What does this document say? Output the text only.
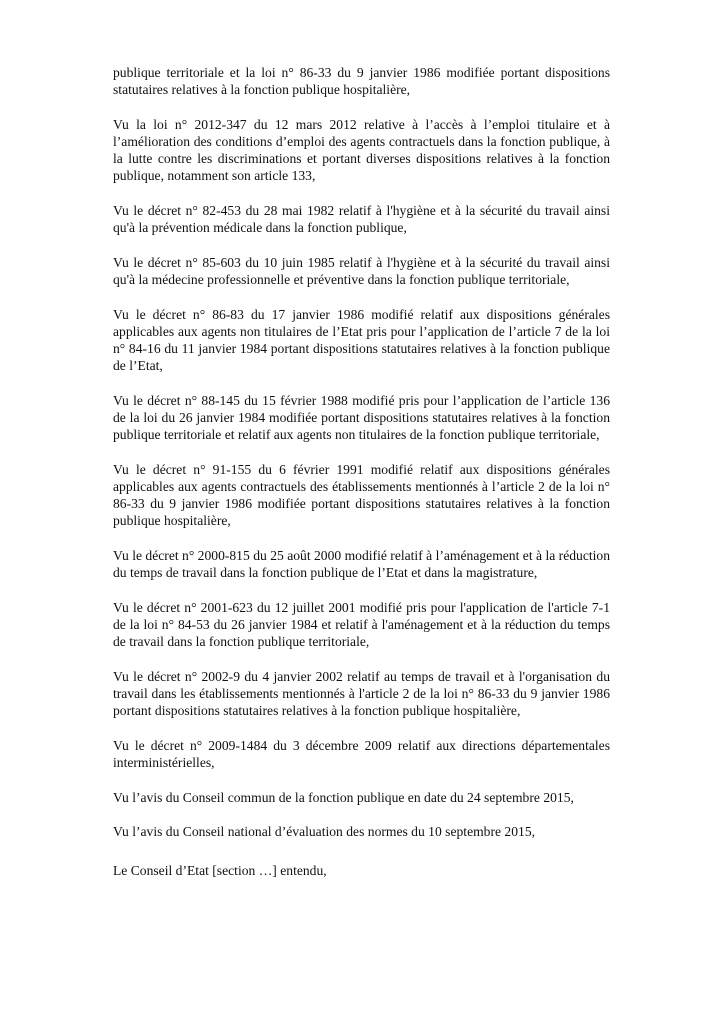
publique territoriale et la loi n° 86-33 du 9 janvier 1986 modifiée portant dispositions statutaires relatives à la fonction publique hospitalière,

Vu la loi n° 2012-347 du 12 mars 2012 relative à l’accès à l’emploi titulaire et à l’amélioration des conditions d’emploi des agents contractuels dans la fonction publique, à la lutte contre les discriminations et portant diverses dispositions relatives à la fonction publique, notamment son article 133,

Vu le décret n° 82-453 du 28 mai 1982 relatif à l'hygiène et à la sécurité du travail ainsi qu'à la prévention médicale dans la fonction publique,

Vu le décret n° 85-603 du 10 juin 1985 relatif à l'hygiène et à la sécurité du travail ainsi qu'à la médecine professionnelle et préventive dans la fonction publique territoriale,

Vu le décret n° 86-83 du 17 janvier 1986 modifié relatif aux dispositions générales applicables aux agents non titulaires de l’Etat pris pour l’application de l’article 7 de la loi n° 84-16 du 11 janvier 1984 portant dispositions statutaires relatives à la fonction publique de l’Etat,

Vu le décret n° 88-145 du 15 février 1988 modifié pris pour l’application de l’article 136 de la loi du 26 janvier 1984 modifiée portant dispositions statutaires relatives à la fonction publique territoriale et relatif aux agents non titulaires de la fonction publique territoriale,

Vu le décret n° 91-155 du 6 février 1991 modifié relatif aux dispositions générales applicables aux agents contractuels des établissements mentionnés à l’article 2 de la loi n° 86-33 du 9 janvier 1986 modifiée portant dispositions statutaires relatives à la fonction publique hospitalière,

Vu le décret n° 2000-815 du 25 août 2000 modifié relatif à l’aménagement et à la réduction du temps de travail dans la fonction publique de l’Etat et dans la magistrature,

Vu le décret n° 2001-623 du 12 juillet 2001 modifié pris pour l'application de l'article 7-1 de la loi n° 84-53 du 26 janvier 1984 et relatif à l'aménagement et à la réduction du temps de travail dans la fonction publique territoriale,

Vu le décret n° 2002-9 du 4 janvier 2002 relatif au temps de travail et à l'organisation du travail dans les établissements mentionnés à l'article 2 de la loi n° 86-33 du 9 janvier 1986 portant dispositions statutaires relatives à la fonction publique hospitalière,

Vu le décret n° 2009-1484 du 3 décembre 2009 relatif aux directions départementales interministérielles,

Vu l’avis du Conseil commun de la fonction publique en date du 24 septembre 2015,

Vu l’avis du Conseil national d’évaluation des normes du 10 septembre 2015,

Le Conseil d’Etat [section …] entendu,
